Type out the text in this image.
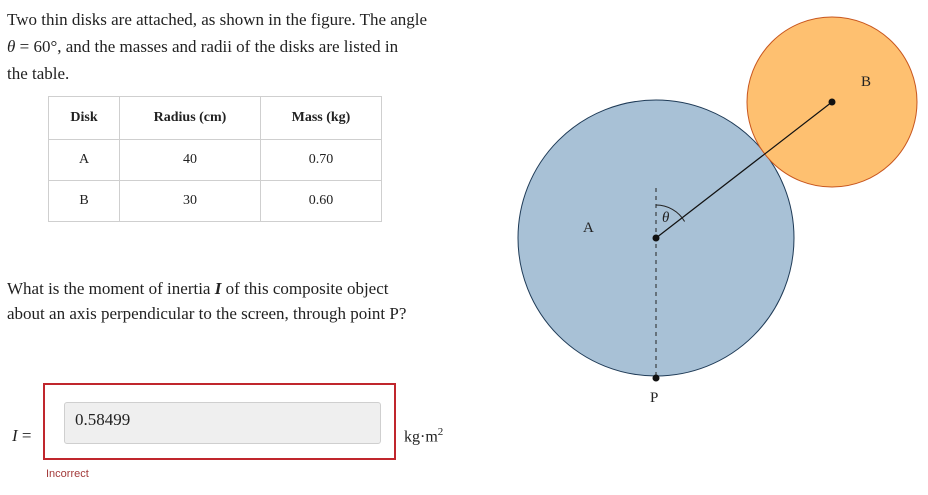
Two thin disks are attached, as shown in the figure. The angle
θ = 60°, and the masses and radii of the disks are listed in
the table.
Disk	Radius (cm)	Mass (kg)
A	40	0.70
B	30	0.60
What is the moment of inertia I of this composite object
about an axis perpendicular to the screen, through point P?
I =
0.58499	$kg\cdot m^2$
Incorrect
A
B
P
θ
